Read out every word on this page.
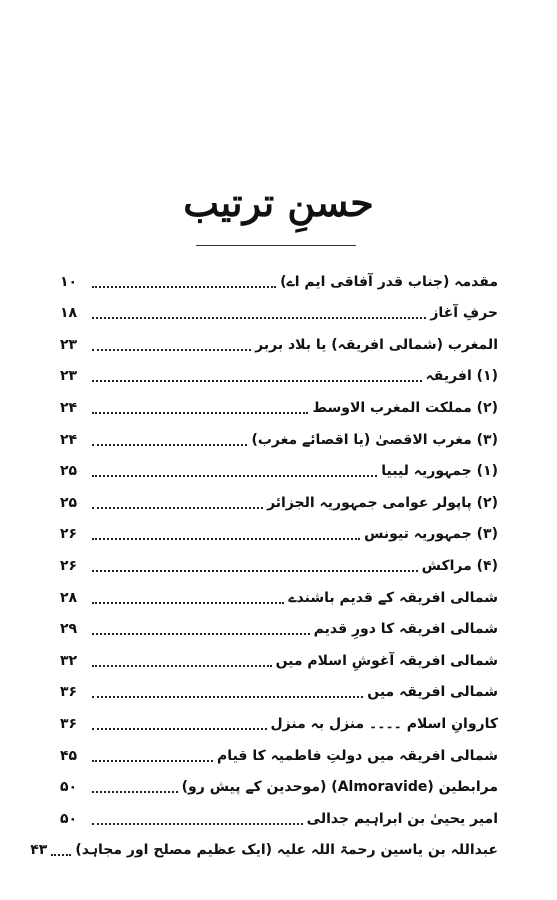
حسنِ ترتیب
مقدمہ (جناب قدر آفاقی ایم اے)
۱۰
حرفِ آغاز
۱۸
المغرب (شمالی افریقہ) یا بلاد بربر
۲۳
(۱) افریقہ
۲۳
(۲) مملکت المغرب الاوسط
۲۴
(۳) مغرب الاقصیٰ (یا اقصائے مغرب)
۲۴
(۱) جمہوریہ لیبیا
۲۵
(۲) پاپولر عوامی جمہوریہ الجزائر
۲۵
(۳) جمہوریہ تیونس
۲۶
(۴) مراکش
۲۶
شمالی افریقہ کے قدیم باشندے
۲۸
شمالی افریقہ کا دورِ قدیم
۲۹
شمالی افریقہ آغوشِ اسلام میں
۳۲
شمالی افریقہ میں
۳۶
کاروانِ اسلام ۔۔۔۔ منزل بہ منزل
۳۶
شمالی افریقہ میں دولتِ فاطمیہ کا قیام
۴۵
مرابطین (Almoravide) (موحدین کے پیش رو)
۵۰
امیر یحییٰ بن ابراہیم جدالی
۵۰
عبداللہ بن یاسین رحمۃ اللہ علیہ (ایک عظیم مصلح اور مجاہد)
۴۳
